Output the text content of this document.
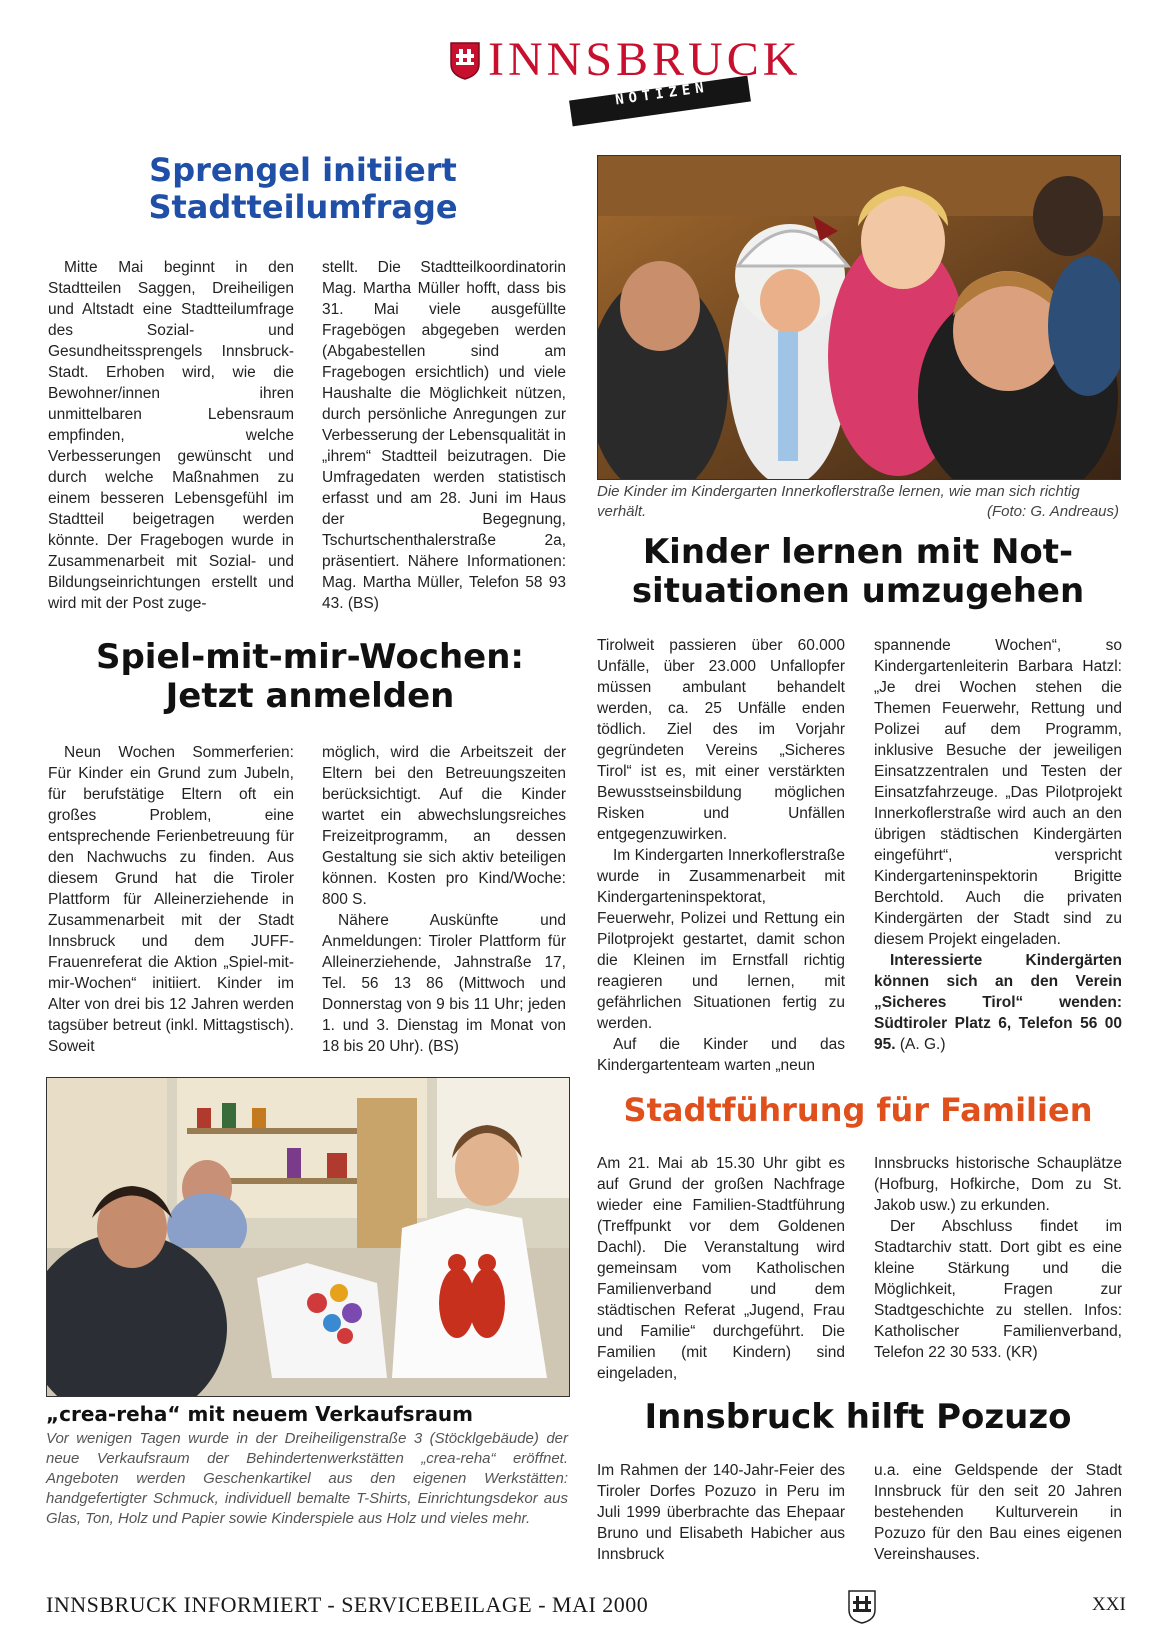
INNSBRUCK
NOTIZEN
Sprengel initiiert
Stadtteilumfrage

Mitte Mai beginnt in den Stadtteilen Saggen, Dreiheiligen und Altstadt eine Stadtteilumfrage des Sozial- und Gesundheitssprengels Innsbruck-Stadt. Erhoben wird, wie die Bewohner/innen ihren unmittelbaren Lebensraum empfinden, welche Verbesserungen gewünscht und durch welche Maßnahmen zu einem besseren Lebensgefühl im Stadtteil beigetragen werden könnte. Der Fragebogen wurde in Zusammenarbeit mit Sozial- und Bildungseinrichtungen erstellt und wird mit der Post zuge-

stellt. Die Stadtteilkoordinatorin Mag. Martha Müller hofft, dass bis 31. Mai viele ausgefüllte Fragebögen abgegeben werden (Abgabestellen sind am Fragebogen ersichtlich) und viele Haushalte die Möglichkeit nützen, durch persönliche Anregungen zur Verbesserung der Lebensqualität in „ihrem“ Stadtteil beizutragen. Die Umfragedaten werden statistisch erfasst und am 28. Juni im Haus der Begegnung, Tschurtschenthalerstraße 2a, präsentiert. Nähere Informationen: Mag. Martha Müller, Telefon 58 93 43. (BS)

Die Kinder im Kindergarten Innerkoflerstraße lernen, wie man sich richtig verhält.	(Foto: G. Andreaus)
Kinder lernen mit Not-
situationen umzugehen

Tirolweit passieren über 60.000 Unfälle, über 23.000 Unfallopfer müssen ambulant behandelt werden, ca. 25 Unfälle enden tödlich. Ziel des im Vorjahr gegründeten Vereins „Sicheres Tirol“ ist es, mit einer verstärkten Bewusstseinsbildung möglichen Risken und Unfällen entgegenzuwirken.

Im Kindergarten Innerkoflerstraße wurde in Zusammenarbeit mit Kindergarteninspektorat, Feuerwehr, Polizei und Rettung ein Pilotprojekt gestartet, damit schon die Kleinen im Ernstfall richtig reagieren und lernen, mit gefährlichen Situationen fertig zu werden.

Auf die Kinder und das Kindergartenteam warten „neun

spannende Wochen“, so Kindergartenleiterin Barbara Hatzl: „Je drei Wochen stehen die Themen Feuerwehr, Rettung und Polizei auf dem Programm, inklusive Besuche der jeweiligen Einsatzzentralen und Testen der Einsatzfahrzeuge. „Das Pilotprojekt Innerkoflerstraße wird auch an den übrigen städtischen Kindergärten eingeführt“, verspricht Kindergarteninspektorin Brigitte Berchtold. Auch die privaten Kindergärten der Stadt sind zu diesem Projekt eingeladen.

Interessierte Kindergärten können sich an den Verein „Sicheres Tirol“ wenden: Südtiroler Platz 6, Telefon 56 00 95. (A. G.)

Spiel-mit-mir-Wochen:
Jetzt anmelden

Neun Wochen Sommerferien: Für Kinder ein Grund zum Jubeln, für berufstätige Eltern oft ein großes Problem, eine entsprechende Ferienbetreuung für den Nachwuchs zu finden. Aus diesem Grund hat die Tiroler Plattform für Alleinerziehende in Zusammenarbeit mit der Stadt Innsbruck und dem JUFF-Frauenreferat die Aktion „Spiel-mit-mir-Wochen“ initiiert. Kinder im Alter von drei bis 12 Jahren werden tagsüber betreut (inkl. Mittagstisch). Soweit

möglich, wird die Arbeitszeit der Eltern bei den Betreuungszeiten berücksichtigt. Auf die Kinder wartet ein abwechslungsreiches Freizeitprogramm, an dessen Gestaltung sie sich aktiv beteiligen können. Kosten pro Kind/Woche: 800 S.

Nähere Auskünfte und Anmeldungen: Tiroler Plattform für Alleinerziehende, Jahnstraße 17, Tel. 56 13 86 (Mittwoch und Donnerstag von 9 bis 11 Uhr; jeden 1. und 3. Dienstag im Monat von 18 bis 20 Uhr). (BS)

„crea-reha“ mit neuem Verkaufsraum
Vor wenigen Tagen wurde in der Dreiheiligenstraße 3 (Stöcklgebäude) der neue Verkaufsraum der Behindertenwerkstätten „crea-reha“ eröffnet. Angeboten werden Geschenkartikel aus den eigenen Werkstätten: handgefertigter Schmuck, individuell bemalte T-Shirts, Einrichtungsdekor aus Glas, Ton, Holz und Papier sowie Kinderspiele aus Holz und vieles mehr.
Stadtführung für Familien

Am 21. Mai ab 15.30 Uhr gibt es auf Grund der großen Nachfrage wieder eine Familien-Stadtführung (Treffpunkt vor dem Goldenen Dachl). Die Veranstaltung wird gemeinsam vom Katholischen Familienverband und dem städtischen Referat „Jugend, Frau und Familie“ durchgeführt. Die Familien (mit Kindern) sind eingeladen,

Innsbrucks historische Schauplätze (Hofburg, Hofkirche, Dom zu St. Jakob usw.) zu erkunden.

Der Abschluss findet im Stadtarchiv statt. Dort gibt es eine kleine Stärkung und die Möglichkeit, Fragen zur Stadtgeschichte zu stellen. Infos: Katholischer Familienverband, Telefon 22 30 533. (KR)

Innsbruck hilft Pozuzo

Im Rahmen der 140-Jahr-Feier des Tiroler Dorfes Pozuzo in Peru im Juli 1999 überbrachte das Ehepaar Bruno und Elisabeth Habicher aus Innsbruck

u.a. eine Geldspende der Stadt Innsbruck für den seit 20 Jahren bestehenden Kulturverein in Pozuzo für den Bau eines eigenen Vereinshauses.

INNSBRUCK INFORMIERT - SERVICEBEILAGE - MAI 2000	XXI
